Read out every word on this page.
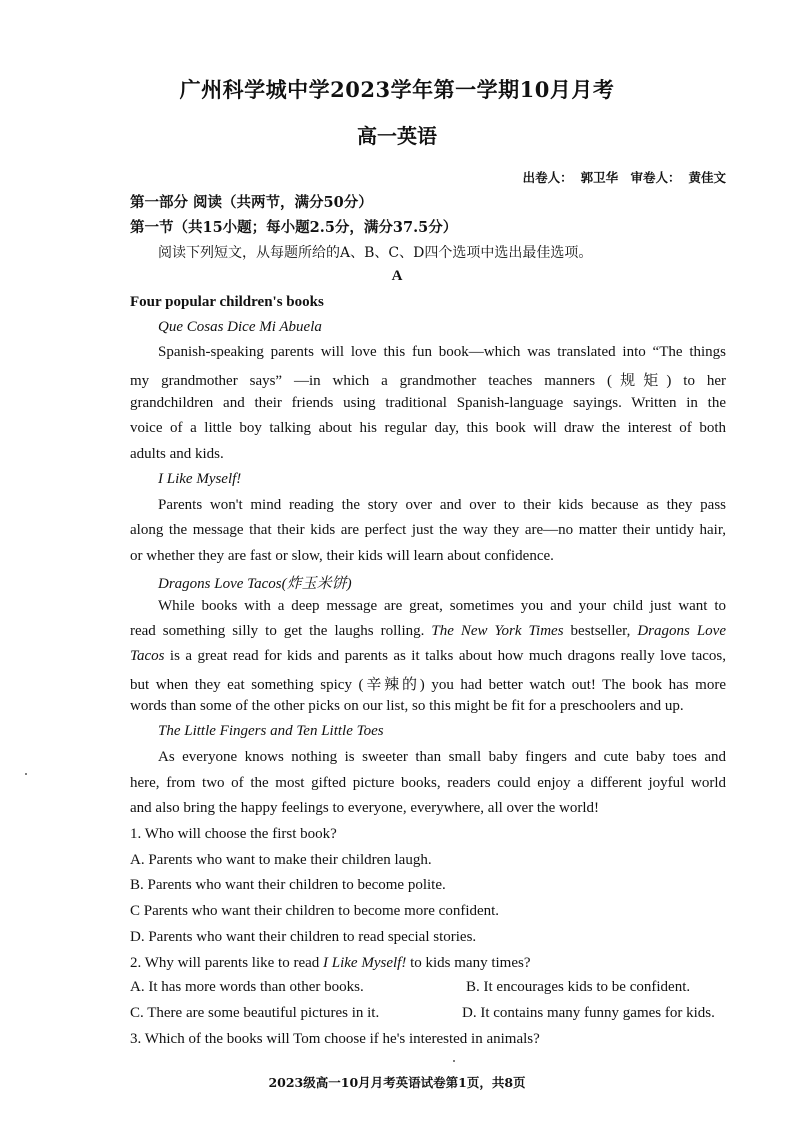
广州科学城中学2023学年第一学期10月月考
高一英语
出卷人： 郭卫华 审卷人： 黄佳文
第一部分 阅读（共两节，满分50分）
第一节（共15小题；每小题2.5分，满分37.5分）
阅读下列短文，从每题所给的A、B、C、D四个选项中选出最佳选项。
A
Four popular children's books
Que Cosas Dice Mi Abuela
Spanish-speaking parents will love this fun book—which was translated into “The things
my grandmother says” —in which a grandmother teaches manners (规矩) to her
grandchildren and their friends using traditional Spanish-language sayings. Written in the
voice of a little boy talking about his regular day, this book will draw the interest of both
adults and kids.
I Like Myself!
Parents won't mind reading the story over and over to their kids because as they pass
along the message that their kids are perfect just the way they are—no matter their untidy hair,
or whether they are fast or slow, their kids will learn about confidence.
Dragons Love Tacos(炸玉米饼)
While books with a deep message are great, sometimes you and your child just want to
read something silly to get the laughs rolling. The New York Times bestseller, Dragons Love
Tacos is a great read for kids and parents as it talks about how much dragons really love tacos,
but when they eat something spicy (辛辣的) you had better watch out! The book has more
words than some of the other picks on our list, so this might be fit for a preschoolers and up.
The Little Fingers and Ten Little Toes
As everyone knows nothing is sweeter than small baby fingers and cute baby toes and
here, from two of the most gifted picture books, readers could enjoy a different joyful world
and also bring the happy feelings to everyone, everywhere, all over the world!
1. Who will choose the first book?
A. Parents who want to make their children laugh.
B. Parents who want their children to become polite.
C Parents who want their children to become more confident.
D. Parents who want their children to read special stories.
2. Why will parents like to read I Like Myself! to kids many times?
A. It has more words than other books.	B. It encourages kids to be confident.
C. There are some beautiful pictures in it.	D. It contains many funny games for kids.
3. Which of the books will Tom choose if he's interested in animals?
2023级高一10月月考英语试卷第1页，共8页
